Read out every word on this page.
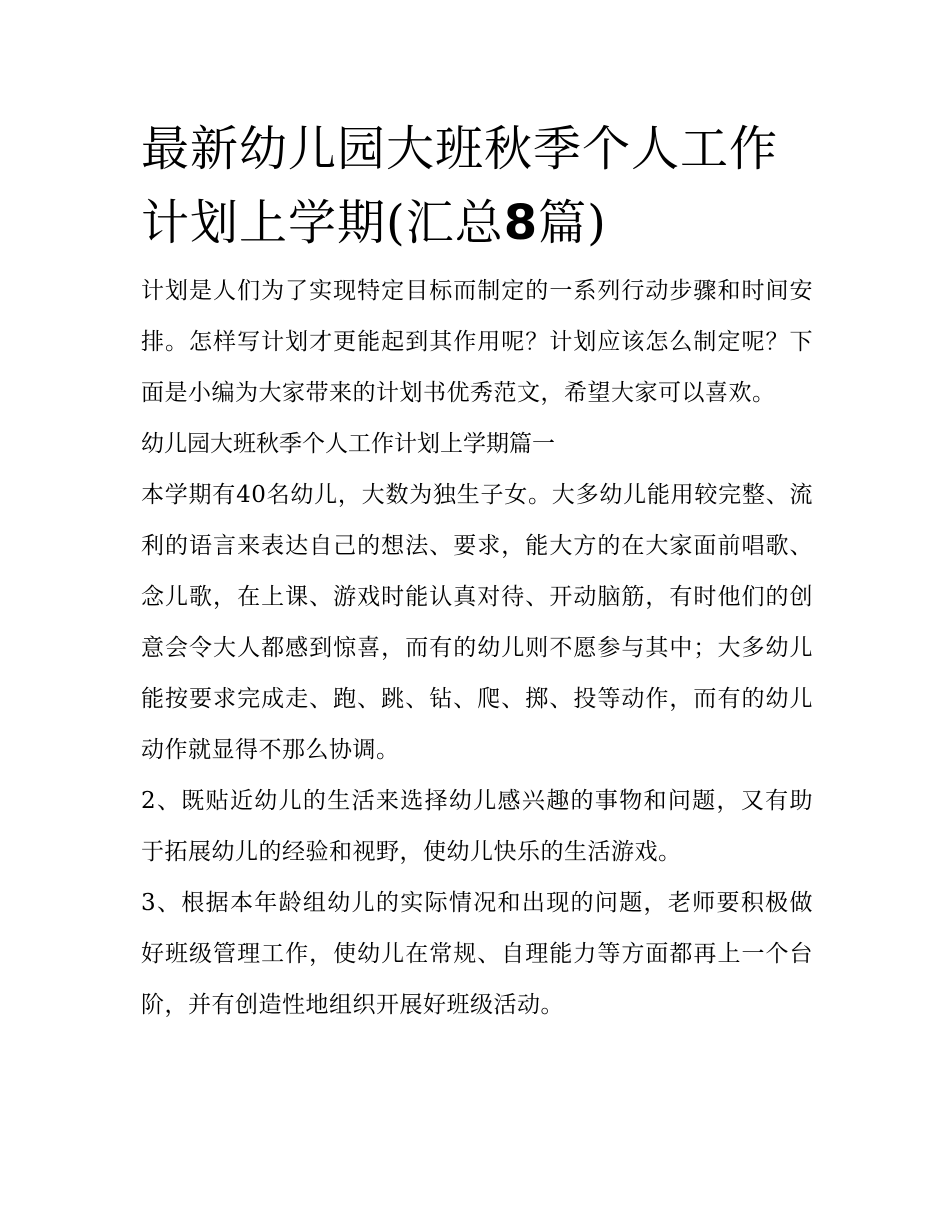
最新幼儿园大班秋季个人工作计划上学期(汇总8篇)

计划是人们为了实现特定目标而制定的一系列行动步骤和时间安排。怎样写计划才更能起到其作用呢？计划应该怎么制定呢？下面是小编为大家带来的计划书优秀范文，希望大家可以喜欢。

幼儿园大班秋季个人工作计划上学期篇一

本学期有40名幼儿，大数为独生子女。大多幼儿能用较完整、流利的语言来表达自己的想法、要求，能大方的在大家面前唱歌、念儿歌，在上课、游戏时能认真对待、开动脑筋，有时他们的创意会令大人都感到惊喜，而有的幼儿则不愿参与其中；大多幼儿能按要求完成走、跑、跳、钻、爬、掷、投等动作，而有的幼儿动作就显得不那么协调。

2、既贴近幼儿的生活来选择幼儿感兴趣的事物和问题，又有助于拓展幼儿的经验和视野，使幼儿快乐的生活游戏。

3、根据本年龄组幼儿的实际情况和出现的问题，老师要积极做好班级管理工作，使幼儿在常规、自理能力等方面都再上一个台阶，并有创造性地组织开展好班级活动。
